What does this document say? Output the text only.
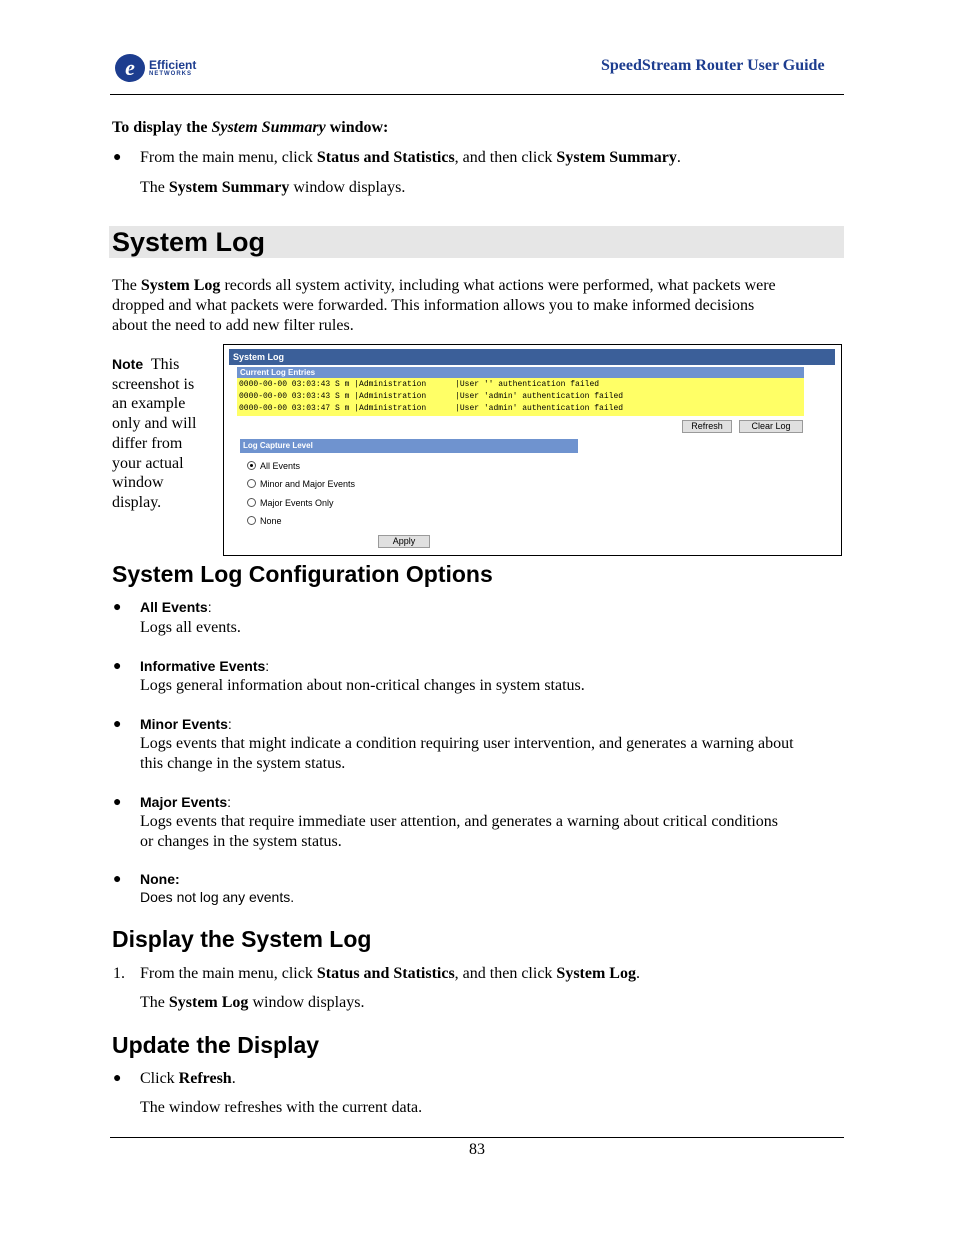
e	Efficient
NETWORKS	SpeedStream Router User Guide
To display the System Summary window:
● From the main menu, click Status and Statistics, and then click System Summary.
The System Summary window displays.
System Log
The System Log records all system activity, including what actions were performed, what packets were
dropped and what packets were forwarded. This information allows you to make informed decisions
about the need to add new filter rules.
Note This
screenshot is
an example
only and will
differ from
your actual
window
display.
System Log
Current Log Entries
0000-00-00 03:03:43 S m |Administration      |User '' authentication failed
0000-00-00 03:03:43 S m |Administration      |User 'admin' authentication failed
0000-00-00 03:03:47 S m |Administration      |User 'admin' authentication failed
Refresh	Clear Log
Log Capture Level
All Events
Minor and Major Events
Major Events Only
None
Apply
System Log Configuration Options
● All Events:
Logs all events.
● Informative Events:
Logs general information about non-critical changes in system status.
● Minor Events:
Logs events that might indicate a condition requiring user intervention, and generates a warning about
this change in the system status.
● Major Events:
Logs events that require immediate user attention, and generates a warning about critical conditions
or changes in the system status.
● None:
Does not log any events.
Display the System Log
1. From the main menu, click Status and Statistics, and then click System Log.
The System Log window displays.
Update the Display
● Click Refresh.
The window refreshes with the current data.
83
